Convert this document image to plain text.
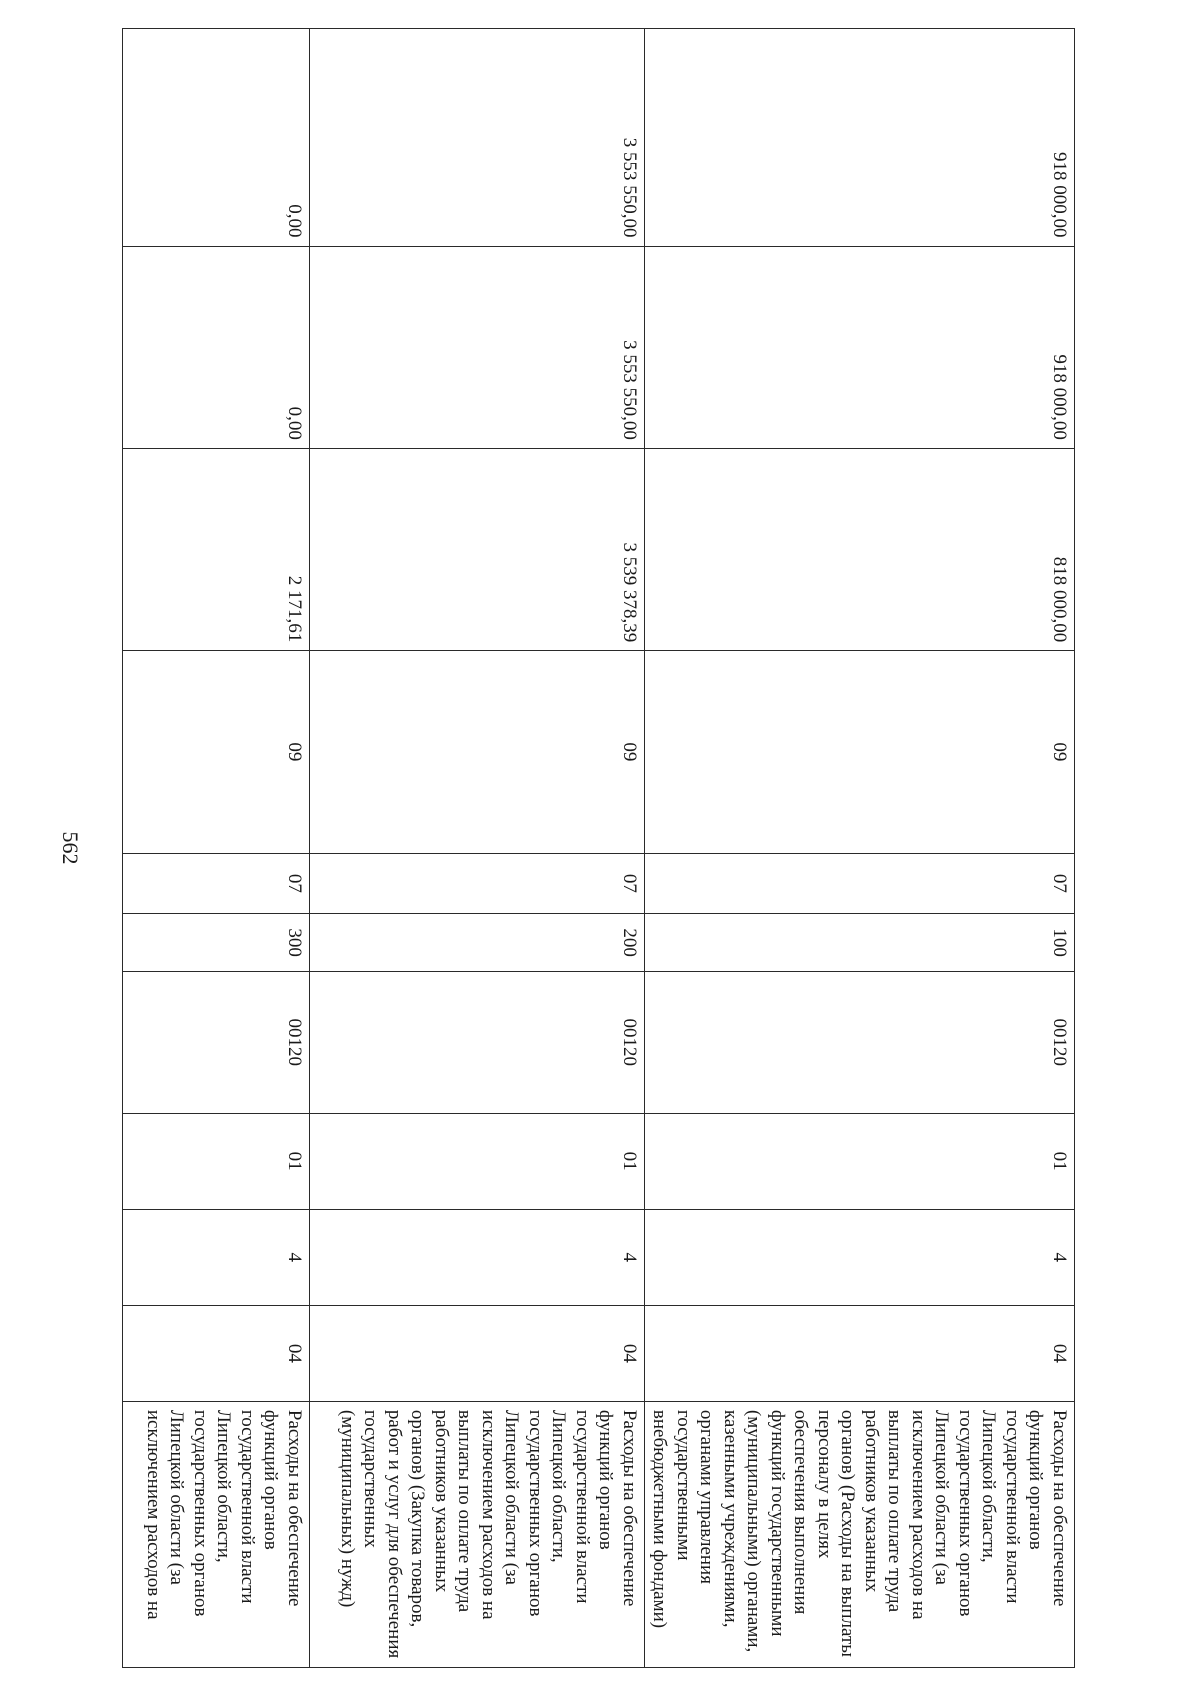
562
918 000,00	918 000,00	818 000,00	09	07	100	00120	01	4	04	Расходы на обеспечение функций органов государственной власти Липецкой области, государственных органов Липецкой области (за исключением расходов на выплаты по оплате труда работников указанных органов) (Расходы на выплаты персоналу в целях обеспечения выполнения функций государственными (муниципальными) органами, казенными учреждениями, органами управления государственными внебюджетными фондами)
3 553 550,00	3 553 550,00	3 539 378,39	09	07	200	00120	01	4	04	Расходы на обеспечение функций органов государственной власти Липецкой области, государственных органов Липецкой области (за исключением расходов на выплаты по оплате труда работников указанных органов) (Закупка товаров, работ и услуг для обеспечения государственных (муниципальных) нужд)
0,00	0,00	2 171,61	09	07	300	00120	01	4	04	Расходы на обеспечение функций органов государственной власти Липецкой области, государственных органов Липецкой области (за исключением расходов на
